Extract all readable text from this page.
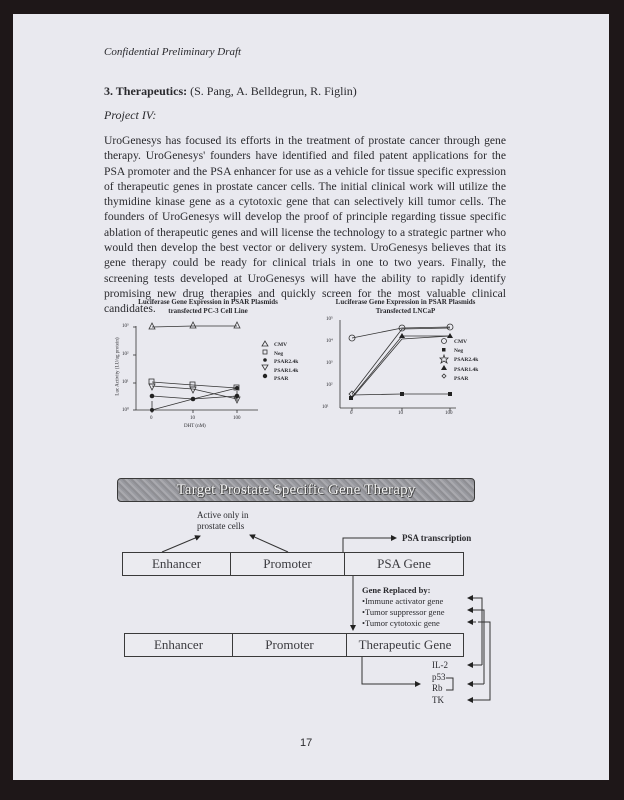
Confidential Preliminary Draft
3. Therapeutics: (S. Pang, A. Belldegrun, R. Figlin)
Project IV:
UroGenesys has focused its efforts in the treatment of prostate cancer through gene therapy. UroGenesys' founders have identified and filed patent applications for the PSA promoter and the PSA enhancer for use as a vehicle for tissue specific expression of therapeutic genes in prostate cancer cells. The initial clinical work will utilize the thymidine kinase gene as a cytotoxic gene that can selectively kill tumor cells. The founders of UroGenesys will develop the proof of principle regarding tissue specific ablation of therapeutic genes and will license the technology to a strategic partner who would then develop the best vector or delivery system. UroGenesys believes that its gene therapy could be ready for clinical trials in one to two years. Finally, the screening tests developed at UroGenesys will have the ability to rapidly identify promising new drug therapies and quickly screen for the most valuable clinical candidates.
Luciferase Gene Expression in PSAR Plasmids
transfected PC-3 Cell Line
10³
10²
10¹
10⁰
Luc Activity (LU/ug protein)	CMV
Neg
PSAR2.4k
PSAR1.4k
PSAR
0	10	100
DHT (nM)
Luciferase Gene Expression in PSAR Plasmids
Transfected LNCaP
10⁵
10⁴
10³
10²
10¹
0	10	100
CMV
Neg
PSAR2.4k
PSAR1.4k
PSAR
Target Prostate Specific Gene Therapy
Active only in
prostate cells
PSA transcription
Enhancer	Promoter	PSA Gene
Gene Replaced by:
•Immune activator gene
•Tumor suppressor gene
•Tumor cytotoxic gene
Enhancer	Promoter	Therapeutic Gene
IL-2
p53
Rb
TK
17
